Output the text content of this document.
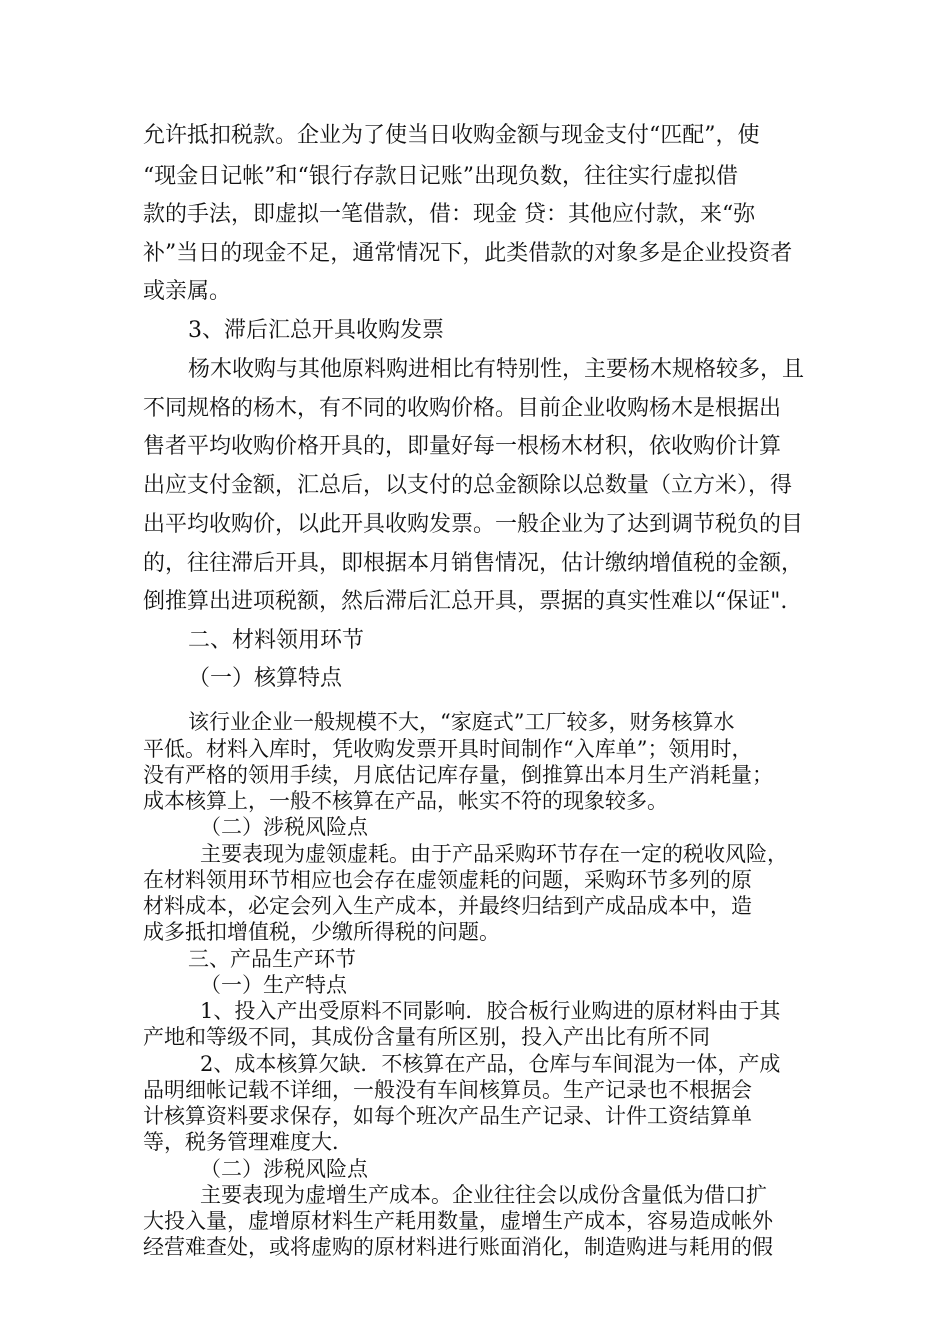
允许抵扣税款。企业为了使当日收购金额与现金支付“匹配”，使
“现金日记帐”和“银行存款日记账”出现负数，往往实行虚拟借
款的手法，即虚拟一笔借款，借：现金 贷：其他应付款，来“弥
补”当日的现金不足，通常情况下，此类借款的对象多是企业投资者
或亲属。
3、滞后汇总开具收购发票
杨木收购与其他原料购进相比有特别性，主要杨木规格较多，且
不同规格的杨木，有不同的收购价格。目前企业收购杨木是根据出
售者平均收购价格开具的，即量好每一根杨木材积，依收购价计算
出应支付金额，汇总后，以支付的总金额除以总数量（立方米），得
出平均收购价，以此开具收购发票。一般企业为了达到调节税负的目
的，往往滞后开具，即根据本月销售情况，估计缴纳增值税的金额，
倒推算出进项税额，然后滞后汇总开具，票据的真实性难以“保证".
二、材料领用环节
（一）核算特点
该行业企业一般规模不大，“家庭式”工厂较多，财务核算水
平低。材料入库时，凭收购发票开具时间制作“入库单”；领用时，
没有严格的领用手续，月底估记库存量，倒推算出本月生产消耗量；
成本核算上，一般不核算在产品，帐实不符的现象较多。
（二）涉税风险点
主要表现为虚领虚耗。由于产品采购环节存在一定的税收风险，
在材料领用环节相应也会存在虚领虚耗的问题，采购环节多列的原
材料成本，必定会列入生产成本，并最终归结到产成品成本中，造
成多抵扣增值税，少缴所得税的问题。
三、产品生产环节
（一）生产特点
1、投入产出受原料不同影响．胶合板行业购进的原材料由于其
产地和等级不同，其成份含量有所区别，投入产出比有所不同
2、成本核算欠缺．不核算在产品，仓库与车间混为一体，产成
品明细帐记载不详细，一般没有车间核算员。生产记录也不根据会
计核算资料要求保存，如每个班次产品生产记录、计件工资结算单
等，税务管理难度大．
（二）涉税风险点
主要表现为虚增生产成本。企业往往会以成份含量低为借口扩
大投入量，虚增原材料生产耗用数量，虚增生产成本，容易造成帐外
经营难查处，或将虚购的原材料进行账面消化，制造购进与耗用的假
